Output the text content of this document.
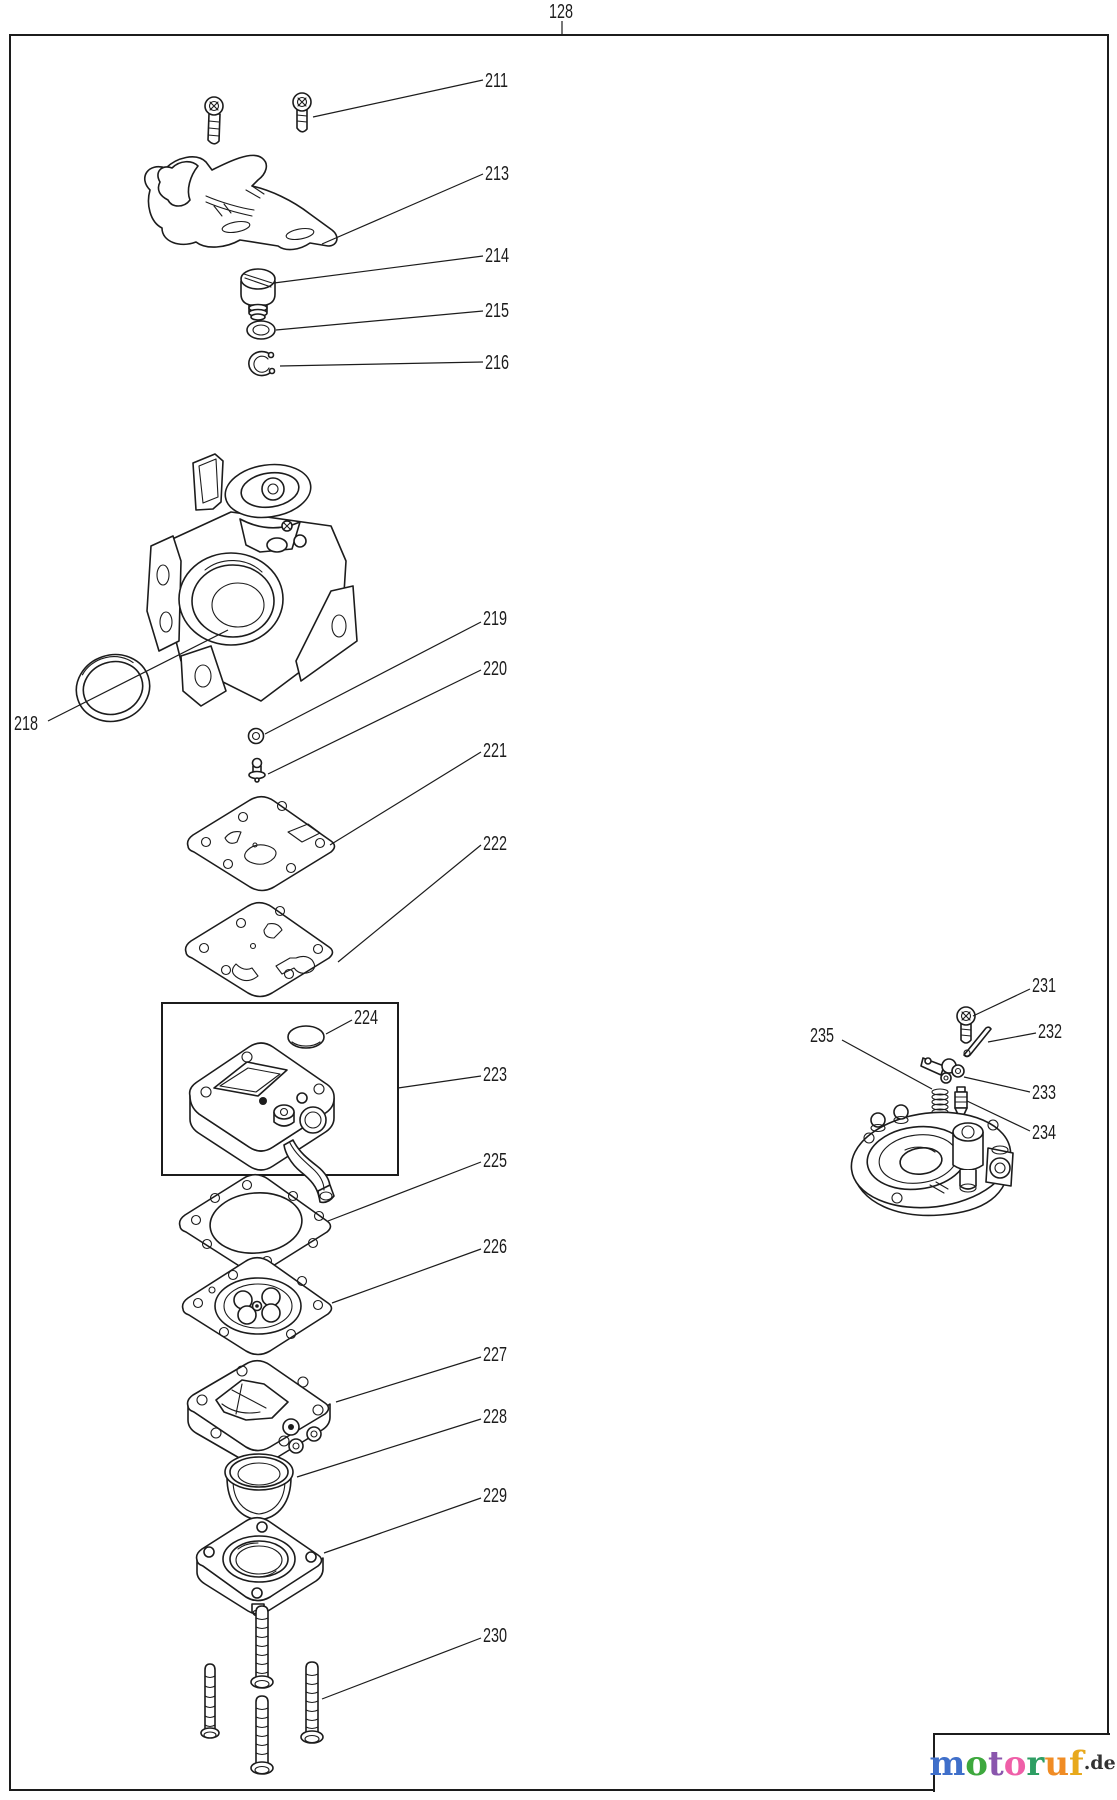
128
211
213
214
215
216
218
219
220
221
222
223
224
225
226
227
228
229
230
231
232
233
234
235
motoruf .de
